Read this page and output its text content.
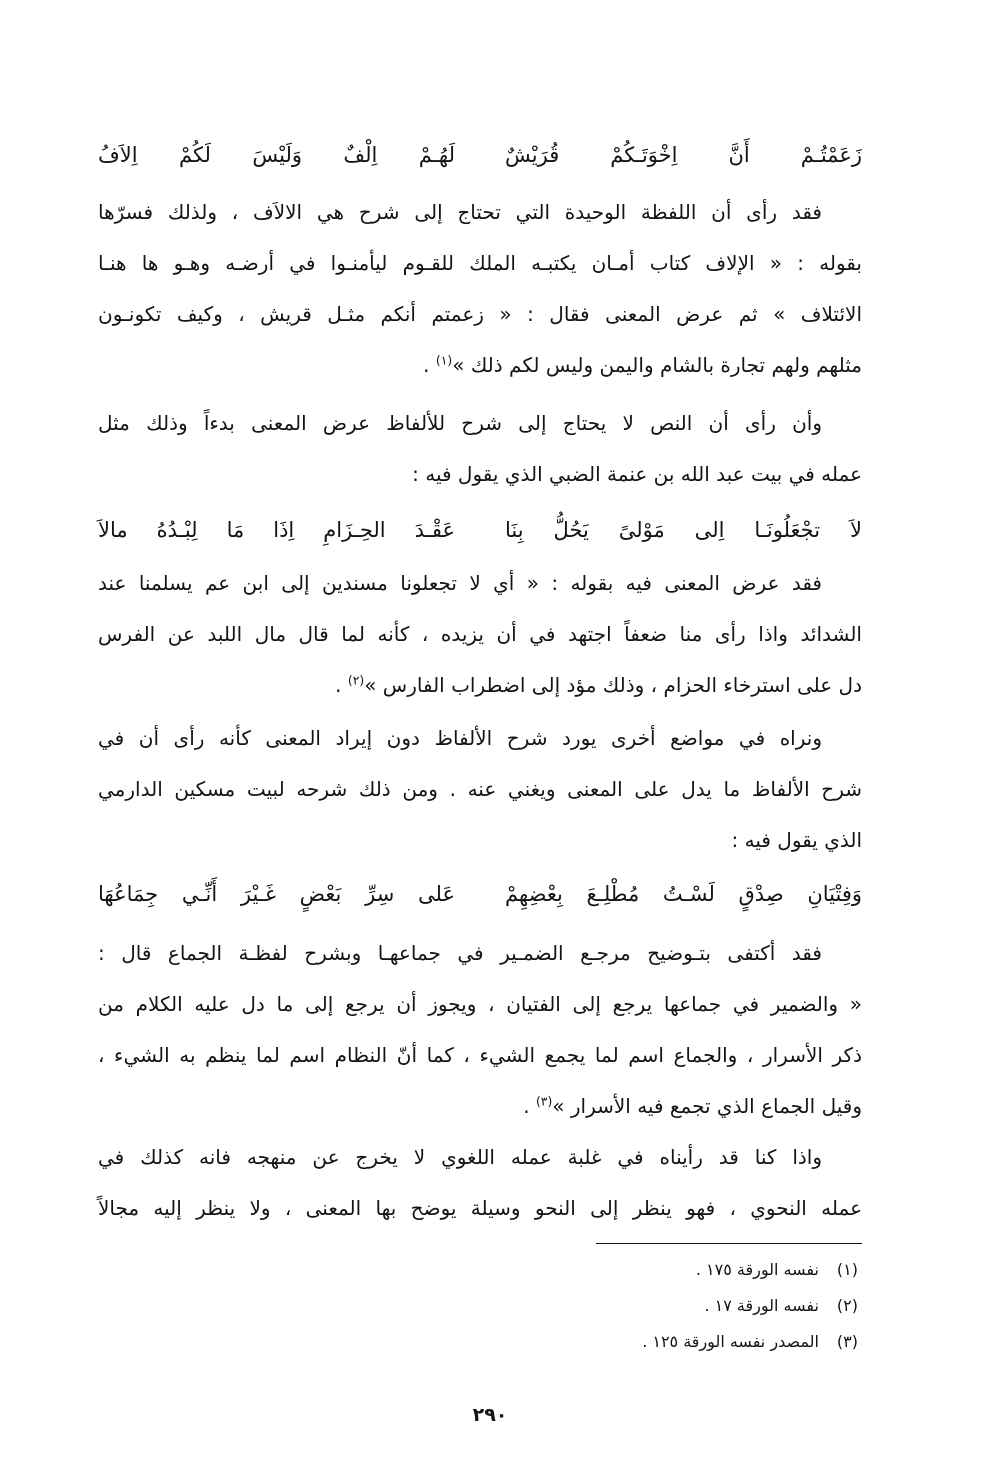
زَعَمْتُـمْ أَنَّ اِخْوَتَـكُمْ قُرَيْشٌ
لَهُـمْ اِلْفٌ وَلَيْسَ لَكُمْ اِلاَفُ
فقد رأى أن اللفظة الوحيدة التي تحتاج إلى شرح هي الالاَف ، ولذلك فسرّها
بقوله : « الإلاف كتاب أمـان يكتبـه الملك للقـوم ليأمنـوا في أرضـه وهـو ها هنـا
الائتلاف » ثم عرض المعنى فقال : « زعمتم أنكم مثـل قريش ، وكيف تكونـون
مثلهم ولهم تجارة بالشام واليمن وليس لكم ذلك »$^{(١)}$ .
وأن رأى أن النص لا يحتاج إلى شرح للألفاظ عرض المعنى بدءاً وذلك مثل
عمله في بيت عبد الله بن عنمة الضبي الذي يقول فيه :
لاَ تجْعَلُونَـا اِلى مَوْلىً يَحُلُّ بِنَا
عَقْـدَ الحِـزَامِ اِذَا مَا لِبْـدُهُ مالاَ
فقد عرض المعنى فيه بقوله : « أي لا تجعلونا مسندين إلى ابن عم يسلمنا عند
الشدائد واذا رأى منا ضعفاً اجتهد في أن يزيده ، كأنه لما قال مال اللبد عن الفرس
دل على استرخاء الحزام ، وذلك مؤد إلى اضطراب الفارس »$^{(٢)}$ .
ونراه في مواضع أخرى يورد شرح الألفاظ دون إيراد المعنى كأنه رأى أن في
شرح الألفاظ ما يدل على المعنى ويغني عنه . ومن ذلك شرحه لبيت مسكين الدارمي
الذي يقول فيه :
وَفِتْيَانِ صِدْقٍ لَسْـتُ مُطْلِـعَ بِعْضِهِمْ
عَلى سِرِّ بَعْضٍ غَـيْرَ أَنِّـي جِمَاعُهَا
فقد أكتفى بتـوضيح مرجـع الضمـير في جماعهـا وبشرح لفظـة الجماع قال :
« والضمير في جماعها يرجع إلى الفتيان ، ويجوز أن يرجع إلى ما دل عليه الكلام من
ذكر الأسرار ، والجماع اسم لما يجمع الشيء ، كما أنّ النظام اسم لما ينظم به الشيء ،
وقيل الجماع الذي تجمع فيه الأسرار »$^{(٣)}$ .
واذا كنا قد رأيناه في غلبة عمله اللغوي لا يخرج عن منهجه فانه كذلك في
عمله النحوي ، فهو ينظر إلى النحو وسيلة يوضح بها المعنى ، ولا ينظر إليه مجالاً
(١)نفسه الورقة ١٧٥ .
(٢)نفسه الورقة ١٧ .
(٣)المصدر نفسه الورقة ١٢٥ .
٢٩٠
